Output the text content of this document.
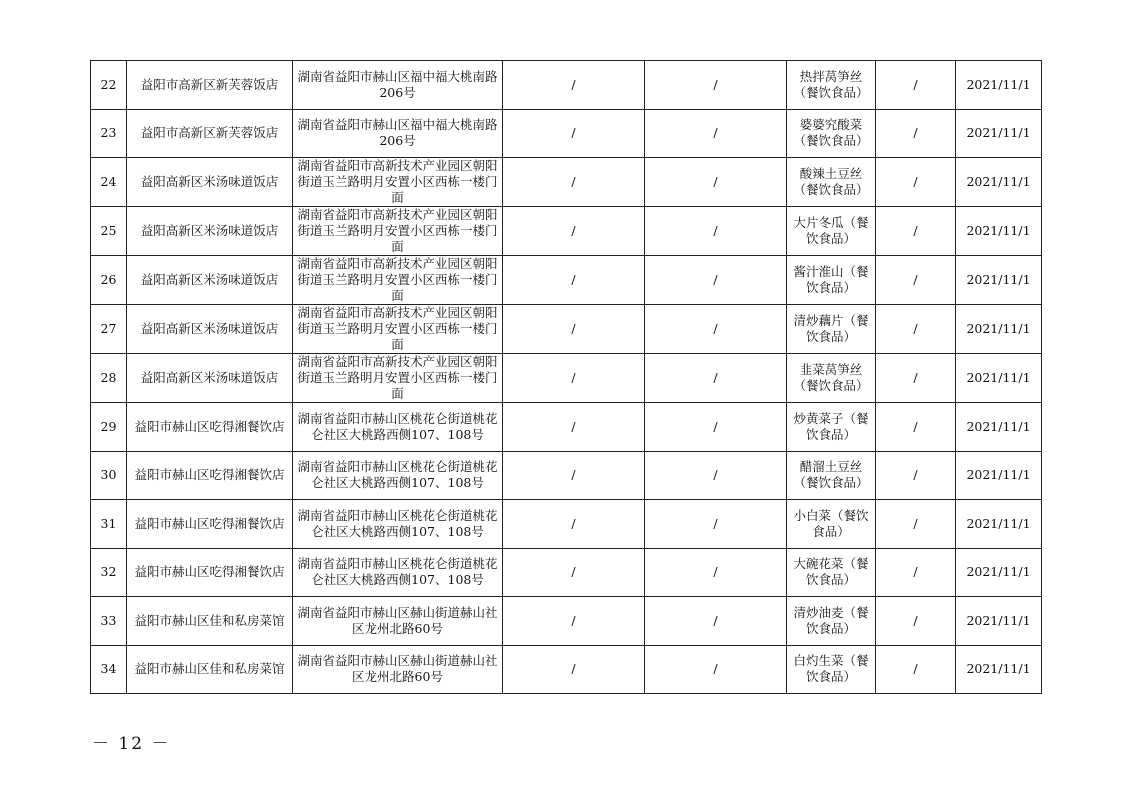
22	益阳市高新区新芙蓉饭店	湖南省益阳市赫山区福中福大桃南路206号	/	/	热拌莴笋丝（餐饮食品）	/	2021/11/1
23	益阳市高新区新芙蓉饭店	湖南省益阳市赫山区福中福大桃南路206号	/	/	婆婆究酸菜（餐饮食品）	/	2021/11/1
24	益阳高新区米汤味道饭店	湖南省益阳市高新技术产业园区朝阳街道玉兰路明月安置小区西栋一楼门面	/	/	酸辣土豆丝（餐饮食品）	/	2021/11/1
25	益阳高新区米汤味道饭店	湖南省益阳市高新技术产业园区朝阳街道玉兰路明月安置小区西栋一楼门面	/	/	大片冬瓜（餐饮食品）	/	2021/11/1
26	益阳高新区米汤味道饭店	湖南省益阳市高新技术产业园区朝阳街道玉兰路明月安置小区西栋一楼门面	/	/	酱汁淮山（餐饮食品）	/	2021/11/1
27	益阳高新区米汤味道饭店	湖南省益阳市高新技术产业园区朝阳街道玉兰路明月安置小区西栋一楼门面	/	/	清炒藕片（餐饮食品）	/	2021/11/1
28	益阳高新区米汤味道饭店	湖南省益阳市高新技术产业园区朝阳街道玉兰路明月安置小区西栋一楼门面	/	/	韭菜莴笋丝（餐饮食品）	/	2021/11/1
29	益阳市赫山区吃得湘餐饮店	湖南省益阳市赫山区桃花仑街道桃花仑社区大桃路西侧107、108号	/	/	炒黄菜子（餐饮食品）	/	2021/11/1
30	益阳市赫山区吃得湘餐饮店	湖南省益阳市赫山区桃花仑街道桃花仑社区大桃路西侧107、108号	/	/	醋溜土豆丝（餐饮食品）	/	2021/11/1
31	益阳市赫山区吃得湘餐饮店	湖南省益阳市赫山区桃花仑街道桃花仑社区大桃路西侧107、108号	/	/	小白菜（餐饮食品）	/	2021/11/1
32	益阳市赫山区吃得湘餐饮店	湖南省益阳市赫山区桃花仑街道桃花仑社区大桃路西侧107、108号	/	/	大碗花菜（餐饮食品）	/	2021/11/1
33	益阳市赫山区佳和私房菜馆	湖南省益阳市赫山区赫山街道赫山社区龙州北路60号	/	/	清炒油麦（餐饮食品）	/	2021/11/1
34	益阳市赫山区佳和私房菜馆	湖南省益阳市赫山区赫山街道赫山社区龙州北路60号	/	/	白灼生菜（餐饮食品）	/	2021/11/1
－ 12 －
